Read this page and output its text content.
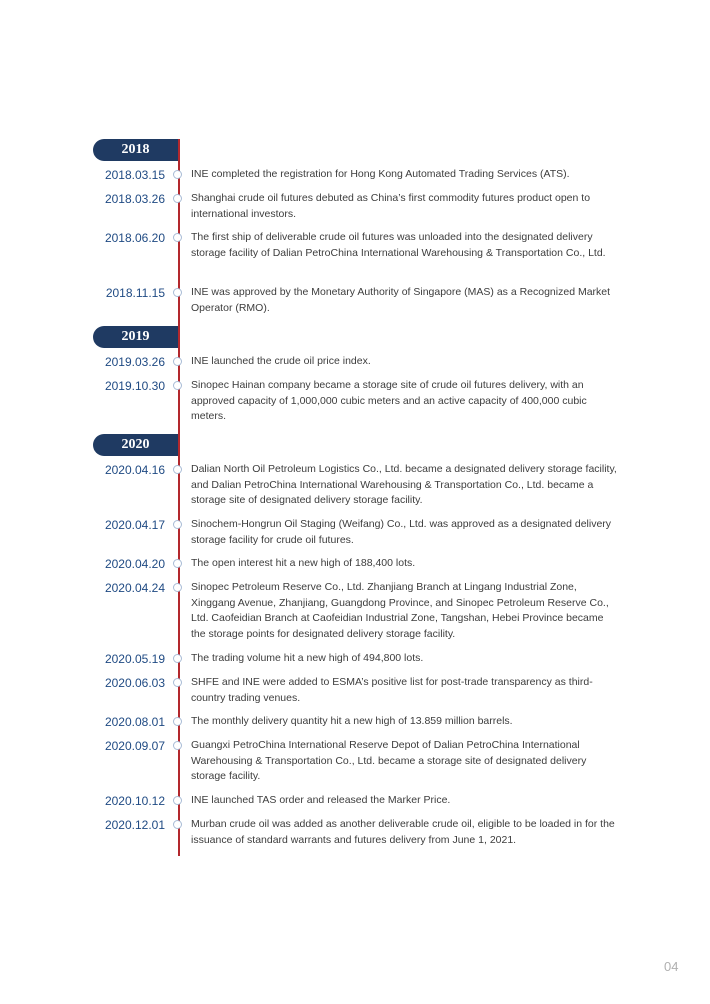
2018
2018.03.15 INE completed the registration for Hong Kong Automated Trading Services (ATS).
2018.03.26 Shanghai crude oil futures debuted as China’s first commodity futures product open to international investors.
2018.06.20 The first ship of deliverable crude oil futures was unloaded into the designated delivery storage facility of Dalian PetroChina International Warehousing & Transportation Co., Ltd.
2018.11.15 INE was approved by the Monetary Authority of Singapore (MAS) as a Recognized Market Operator (RMO).
2019
2019.03.26 INE launched the crude oil price index.
2019.10.30 Sinopec Hainan company became a storage site of crude oil futures delivery, with an approved capacity of 1,000,000 cubic meters and an active capacity of 400,000 cubic meters.
2020
2020.04.16 Dalian North Oil Petroleum Logistics Co., Ltd. became a designated delivery storage facility, and Dalian PetroChina International Warehousing & Transportation Co., Ltd. became a storage site of designated delivery storage facility.
2020.04.17 Sinochem-Hongrun Oil Staging (Weifang) Co., Ltd. was approved as a designated delivery storage facility for crude oil futures.
2020.04.20 The open interest hit a new high of 188,400 lots.
2020.04.24 Sinopec Petroleum Reserve Co., Ltd. Zhanjiang Branch at Lingang Industrial Zone, Xinggang Avenue, Zhanjiang, Guangdong Province, and Sinopec Petroleum Reserve Co., Ltd. Caofeidian Branch at Caofeidian Industrial Zone, Tangshan, Hebei Province became the storage points for designated delivery storage facility.
2020.05.19 The trading volume hit a new high of 494,800 lots.
2020.06.03 SHFE and INE were added to ESMA’s positive list for post-trade transparency as third-country trading venues.
2020.08.01 The monthly delivery quantity hit a new high of 13.859 million barrels.
2020.09.07 Guangxi PetroChina International Reserve Depot of Dalian PetroChina International Warehousing & Transportation Co., Ltd. became a storage site of designated delivery storage facility.
2020.10.12 INE launched TAS order and released the Marker Price.
2020.12.01 Murban crude oil was added as another deliverable crude oil, eligible to be loaded in for the issuance of standard warrants and futures delivery from June 1, 2021.
04
